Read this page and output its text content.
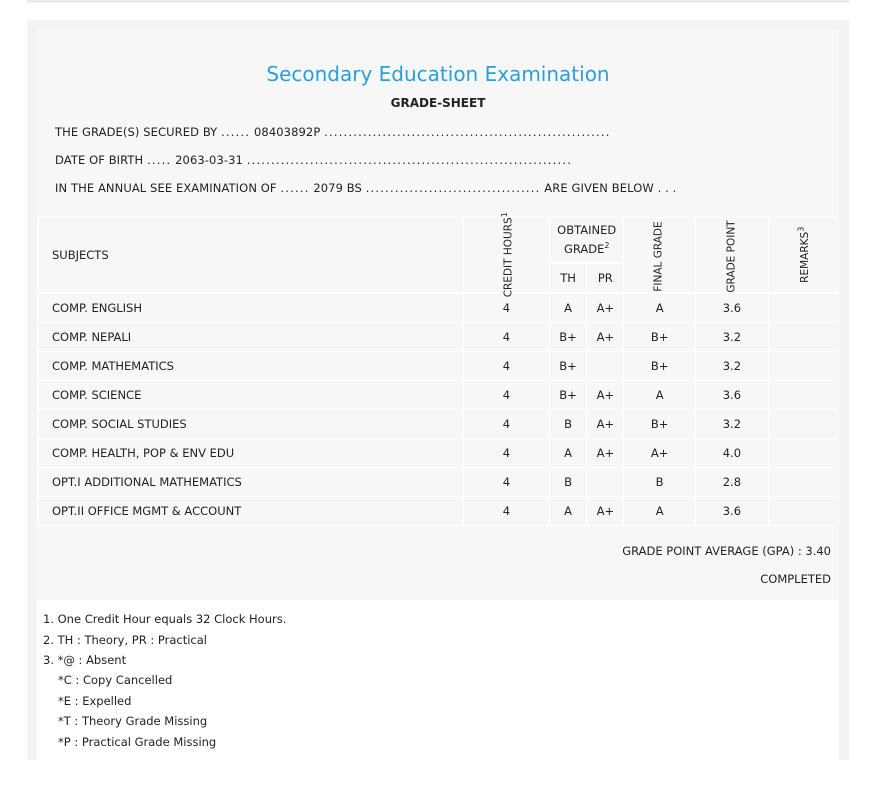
Secondary Education Examination
GRADE-SHEET
THE GRADE(S) SECURED BY ...... 08403892P ...........................................................
DATE OF BIRTH ..... 2063-03-31 ...................................................................
IN THE ANNUAL SEE EXAMINATION OF ...... 2079 BS .................................... ARE GIVEN BELOW . . .
SUBJECTS	CREDIT HOURS$^1$	OBTAINED GRADE$^2$		FINAL GRADE	GRADE POINT	REMARKS$^3$
		TH	PR			
COMP. ENGLISH	4	A	A+	A	3.6	
COMP. NEPALI	4	B+	A+	B+	3.2	
COMP. MATHEMATICS	4	B+		B+	3.2	
COMP. SCIENCE	4	B+	A+	A	3.6	
COMP. SOCIAL STUDIES	4	B	A+	B+	3.2	
COMP. HEALTH, POP & ENV EDU	4	A	A+	A+	4.0	
OPT.I ADDITIONAL MATHEMATICS	4	B		B	2.8	
OPT.II OFFICE MGMT & ACCOUNT	4	A	A+	A	3.6	
GRADE POINT AVERAGE (GPA) : 3.40
COMPLETED
1. One Credit Hour equals 32 Clock Hours.
2. TH : Theory, PR : Practical
3. *@ : Absent
*C : Copy Cancelled
*E : Expelled
*T : Theory Grade Missing
*P : Practical Grade Missing
